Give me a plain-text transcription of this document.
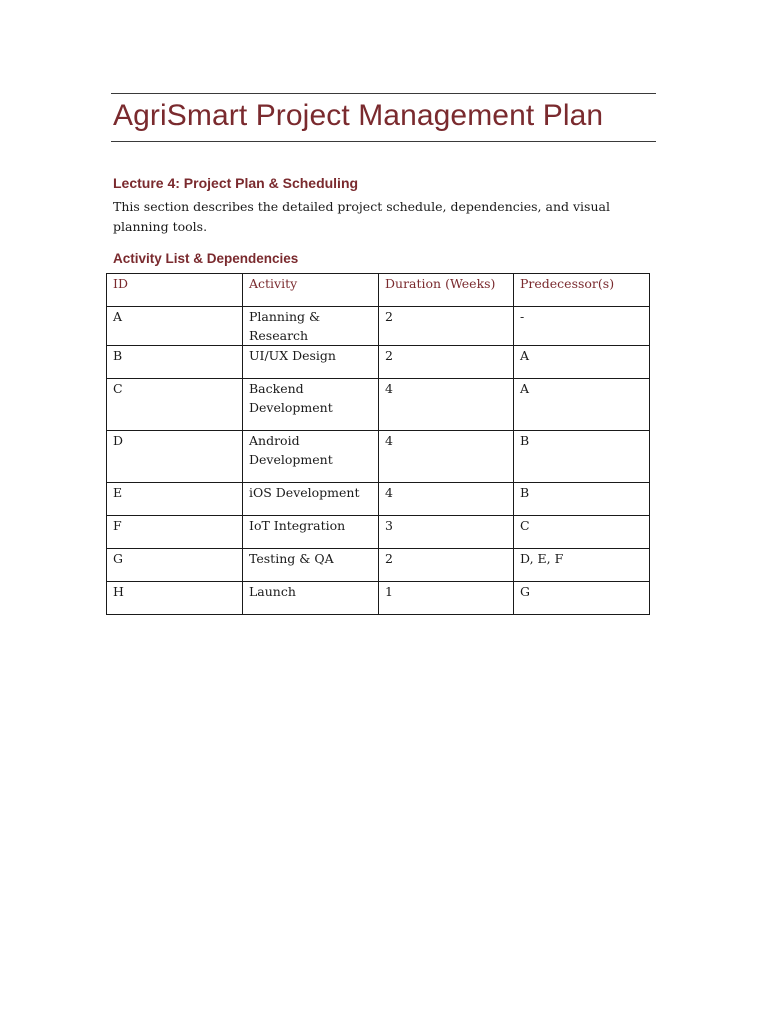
AgriSmart Project Management Plan
Lecture 4: Project Plan & Scheduling
This section describes the detailed project schedule, dependencies, and visual planning tools.
Activity List & Dependencies
ID	Activity	Duration (Weeks)	Predecessor(s)
A	Planning & Research	2	-
B	UI/UX Design	2	A
C	Backend Development	4	A
D	Android Development	4	B
E	iOS Development	4	B
F	IoT Integration	3	C
G	Testing & QA	2	D, E, F
H	Launch	1	G
